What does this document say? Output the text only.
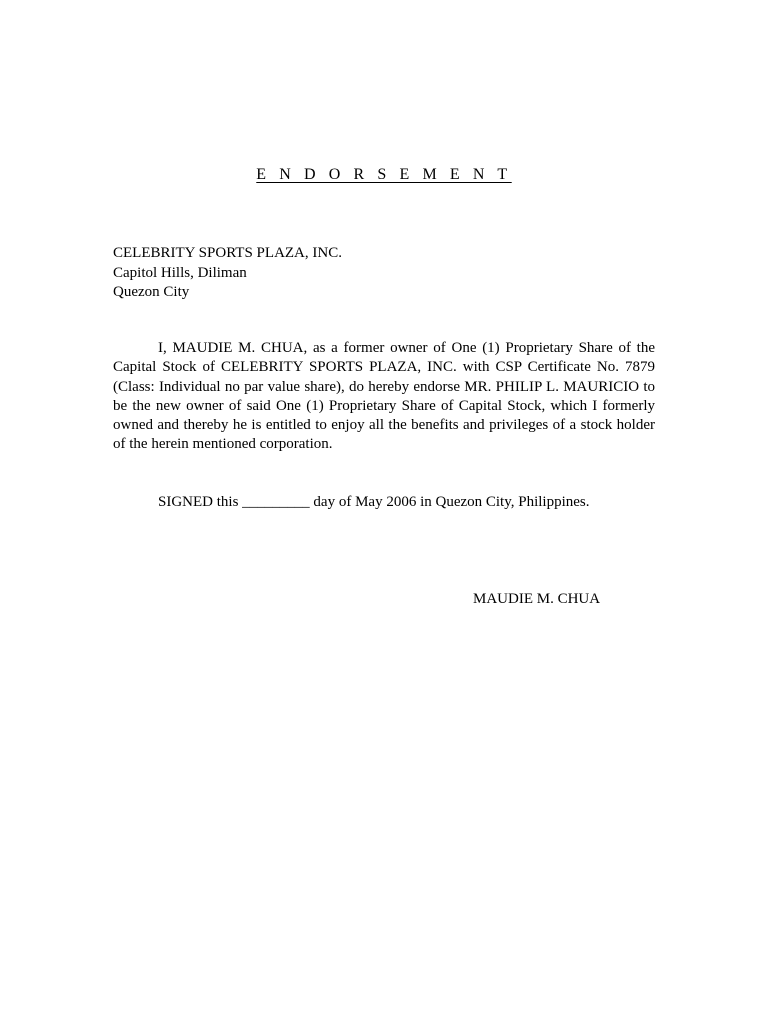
E N D O R S E M E N T
CELEBRITY SPORTS PLAZA, INC.
Capitol Hills, Diliman
Quezon City

I, MAUDIE M. CHUA, as a former owner of One (1) Proprietary Share of the Capital Stock of CELEBRITY SPORTS PLAZA, INC. with CSP Certificate No. 7879 (Class: Individual no par value share), do hereby endorse MR. PHILIP L. MAURICIO to be the new owner of said One (1) Proprietary Share of Capital Stock, which I formerly owned and thereby he is entitled to enjoy all the benefits and privileges of a stock holder of the herein mentioned corporation.

SIGNED this _________ day of May 2006 in Quezon City, Philippines.
MAUDIE M. CHUA
